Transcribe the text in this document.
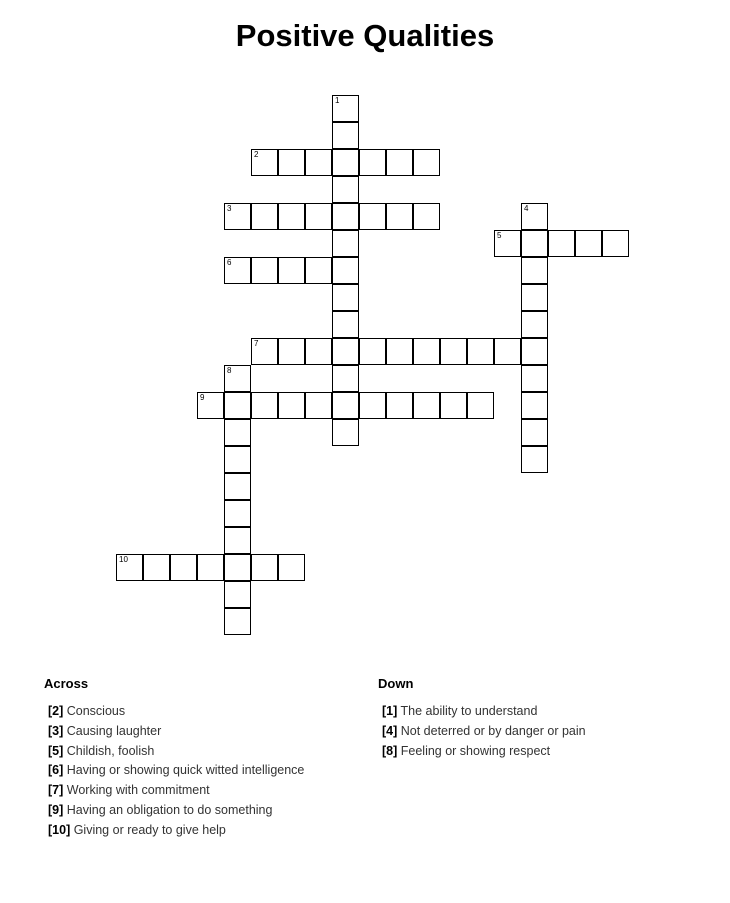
Positive Qualities
1
2
3	4
5
6
7
8
9
10
Across
[2] Conscious
[3] Causing laughter
[5] Childish, foolish
[6] Having or showing quick witted intelligence
[7] Working with commitment
[9] Having an obligation to do something
[10] Giving or ready to give help
Down
[1] The ability to understand
[4] Not deterred or by danger or pain
[8] Feeling or showing respect
